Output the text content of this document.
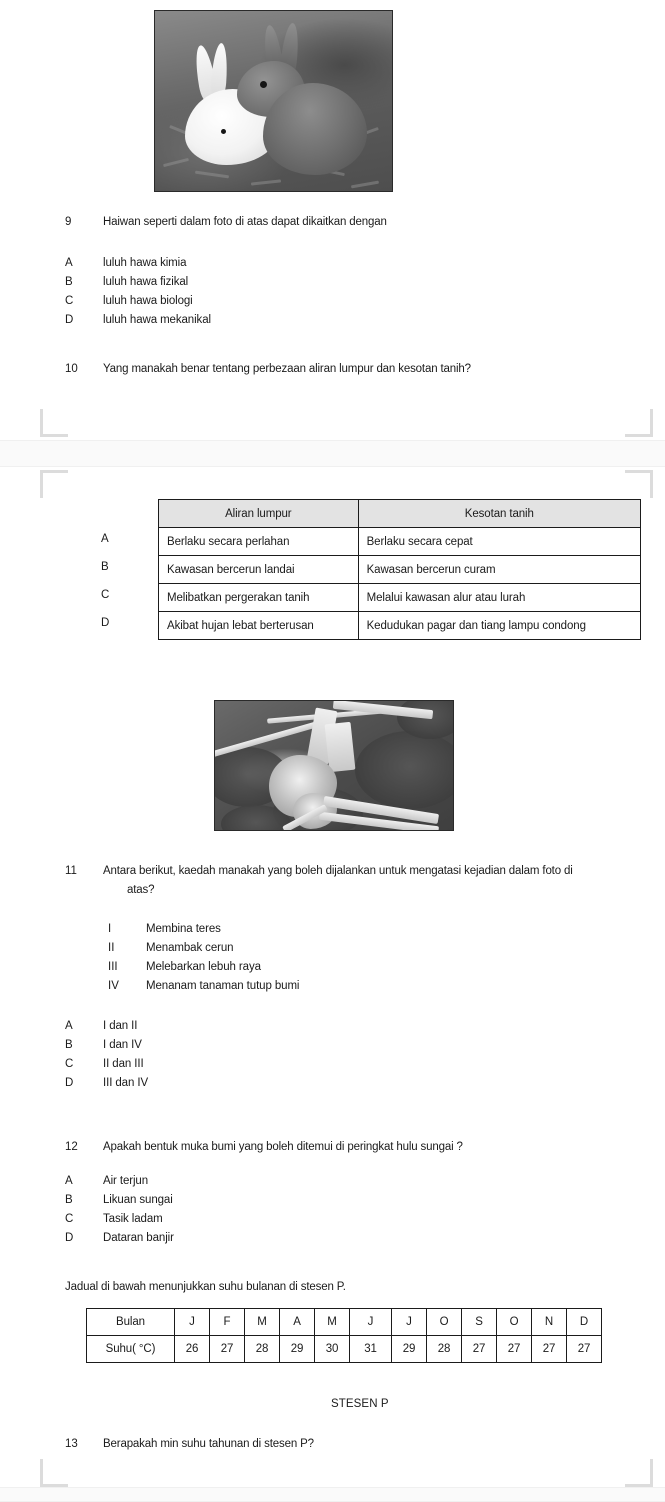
9	Haiwan seperti dalam foto di atas dapat dikaitkan dengan
A	luluh hawa kimia
B	luluh hawa fizikal
C	luluh hawa biologi
D	luluh hawa mekanikal
10 Yang manakah benar tentang perbezaan aliran lumpur dan kesotan tanih?
A
B
C
D
Aliran lumpur	Kesotan tanih
Berlaku secara perlahan	Berlaku secara cepat
Kawasan bercerun landai	Kawasan bercerun curam
Melibatkan pergerakan tanih	Melalui kawasan alur atau lurah
Akibat hujan lebat berterusan	Kedudukan pagar dan tiang lampu condong
11 Antara berikut, kaedah manakah yang boleh dijalankan untuk mengatasi kejadian dalam foto di
atas?
I	Membina teres
II	Menambak cerun
III Melebarkan lebuh raya
IV Menanam tanaman tutup bumi
A	I dan II
B	I dan IV
C	II dan III
D	III dan IV
12 Apakah bentuk muka bumi yang boleh ditemui di peringkat hulu sungai ?
A	Air terjun
B	Likuan sungai
C	Tasik ladam
D	Dataran banjir
Jadual di bawah menunjukkan suhu bulanan di stesen P.
Bulan	J	F	M	A	M	J	J	O	S	O	N	D
Suhu( °C)	26	27	28	29	30	31	29	28	27	27	27	27
STESEN P
13 Berapakah min suhu tahunan di stesen P?
